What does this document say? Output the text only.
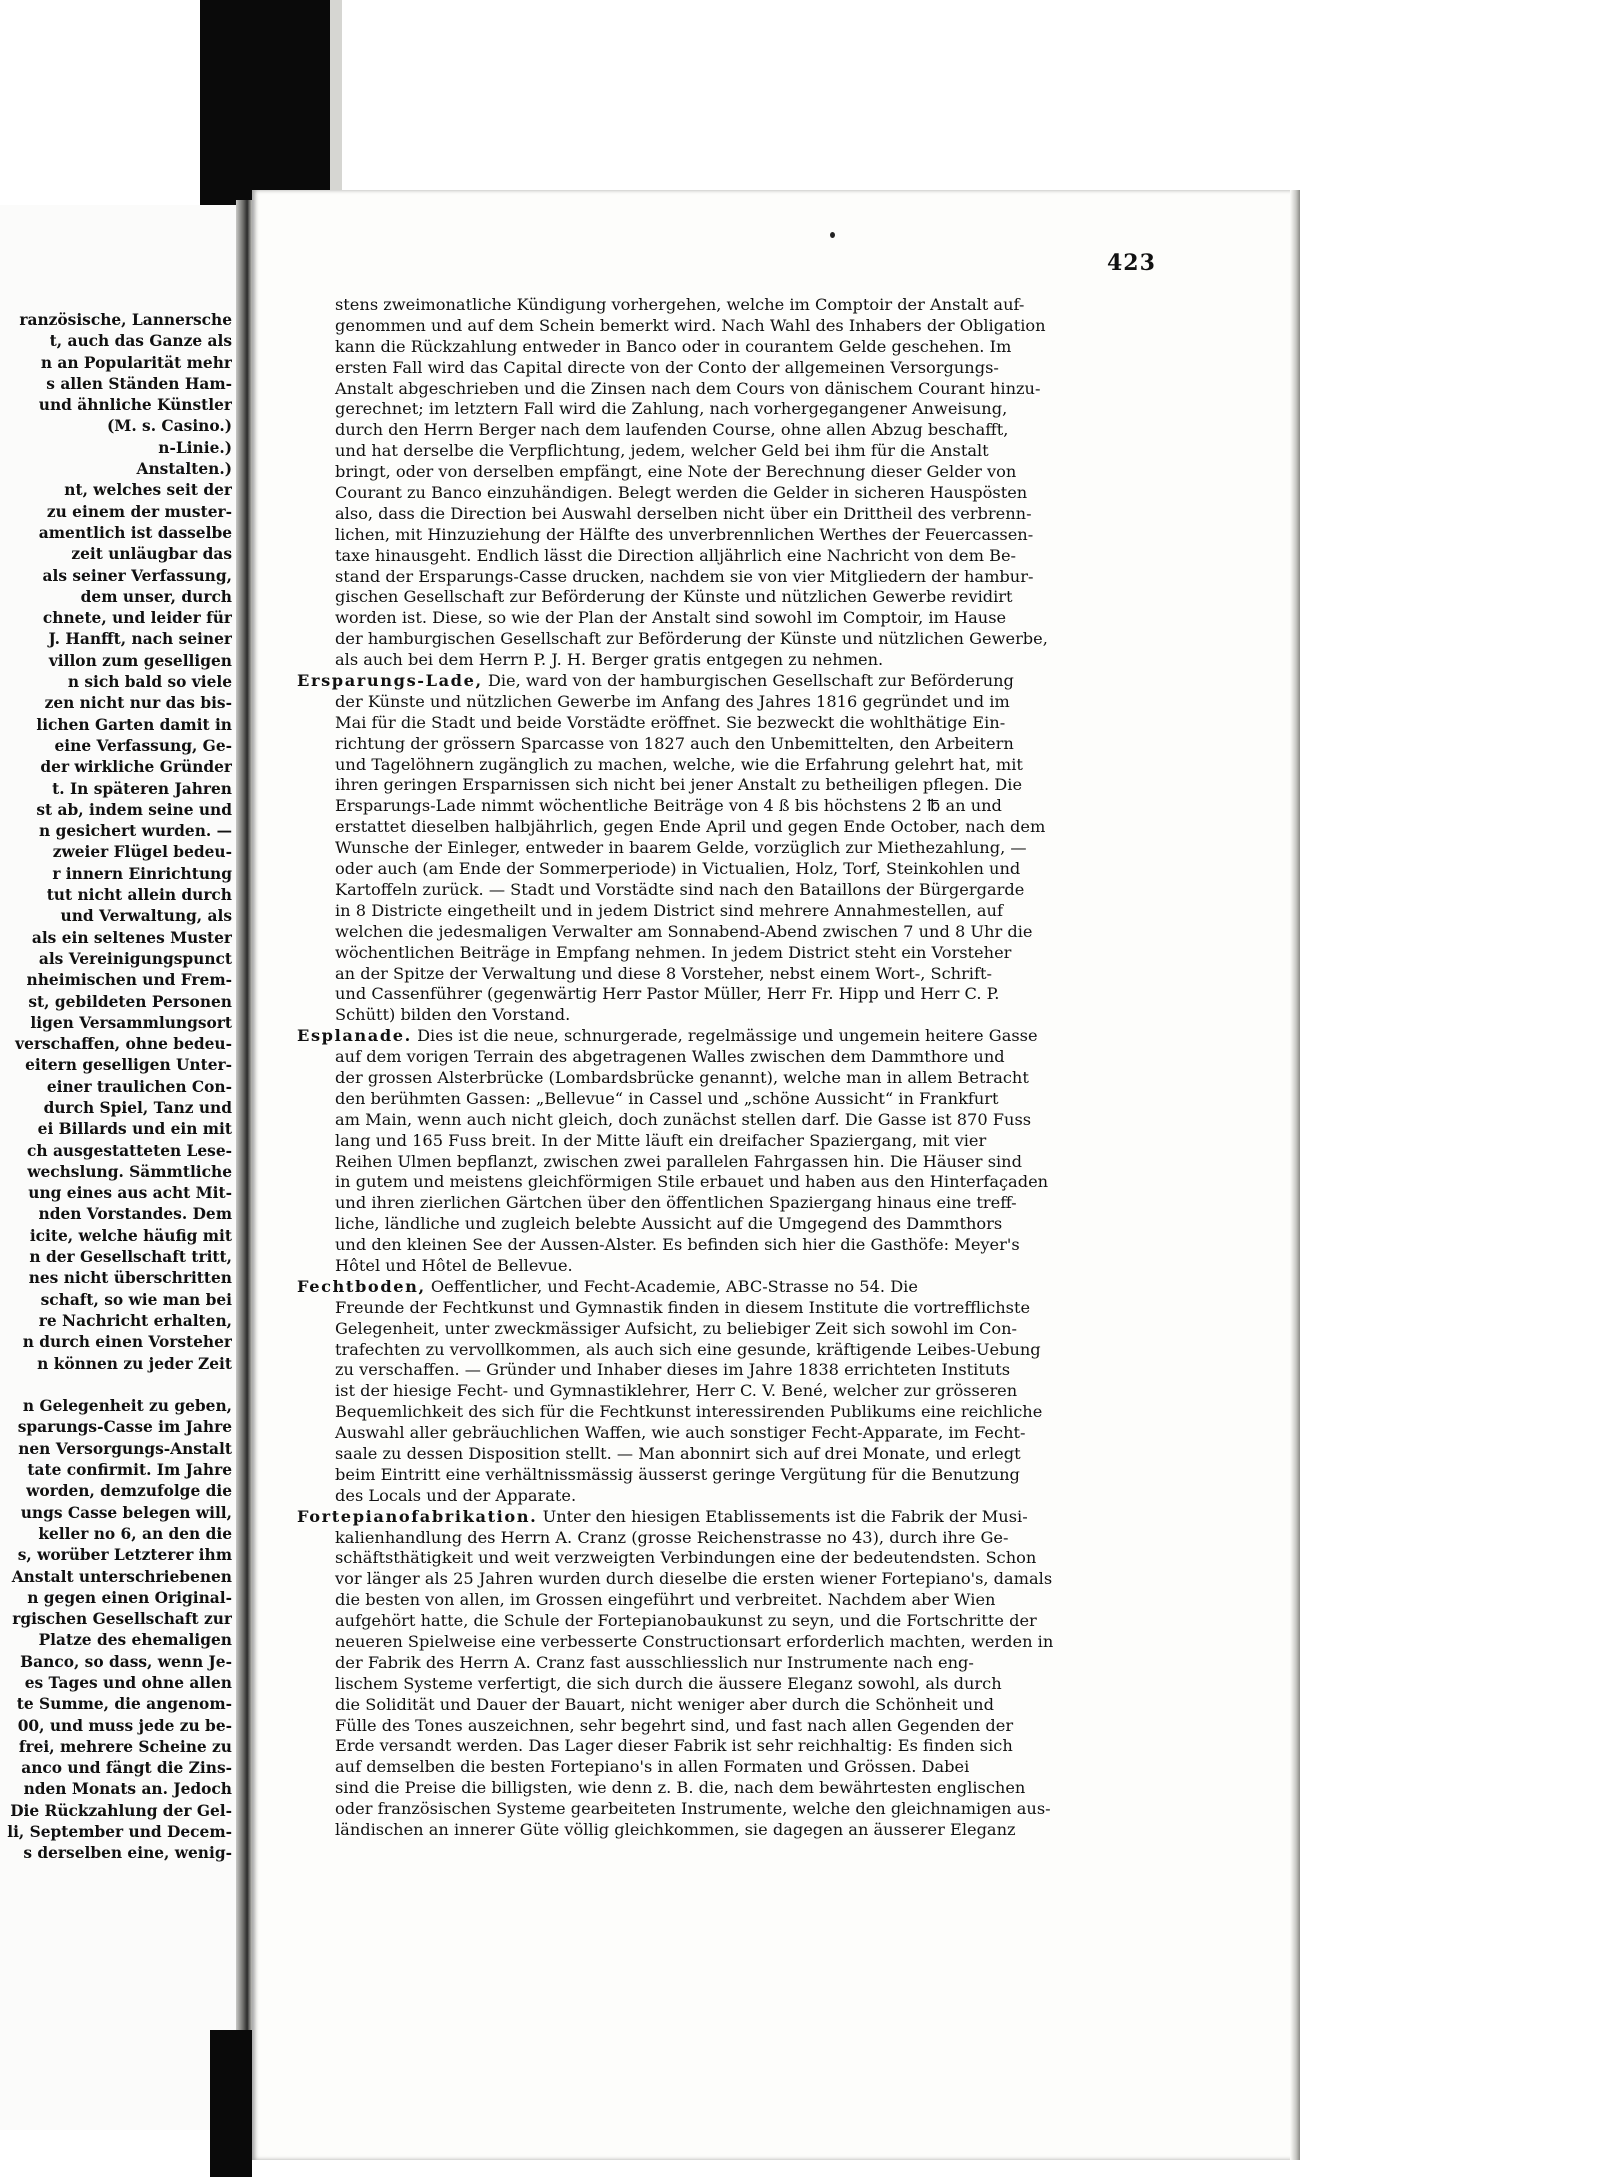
ranzösische, Lannersche
t, auch das Ganze als
n an Popularität mehr
s allen Ständen Ham-
und ähnliche Künstler
(M. s. Casino.)
n-Linie.)
Anstalten.)
nt, welches seit der
zu einem der muster-
amentlich ist dasselbe
zeit unläugbar das
als seiner Verfassung,
dem unser, durch
chnete, und leider für
J. Hanfft, nach seiner
villon zum geselligen
n sich bald so viele
zen nicht nur das bis-
lichen Garten damit in
eine Verfassung, Ge-
der wirkliche Gründer
t. In späteren Jahren
st ab, indem seine und
n gesichert wurden. —
zweier Flügel bedeu-
r innern Einrichtung
tut nicht allein durch
und Verwaltung, als
als ein seltenes Muster
als Vereinigungspunct
nheimischen und Frem-
st, gebildeten Personen
ligen Versammlungsort
verschaffen, ohne bedeu-
eitern geselligen Unter-
einer traulichen Con-
durch Spiel, Tanz und
ei Billards und ein mit
ch ausgestatteten Lese-
wechslung. Sämmtliche
ung eines aus acht Mit-
nden Vorstandes. Dem
icite, welche häufig mit
n der Gesellschaft tritt,
nes nicht überschritten
schaft, so wie man bei
re Nachricht erhalten,
n durch einen Vorsteher
n können zu jeder Zeit
n Gelegenheit zu geben,
sparungs-Casse im Jahre
nen Versorgungs-Anstalt
tate confirmit. Im Jahre
worden, demzufolge die
ungs Casse belegen will,
keller no 6, an den die
s, worüber Letzterer ihm
Anstalt unterschriebenen
n gegen einen Original-
rgischen Gesellschaft zur
Platze des ehemaligen
Banco, so dass, wenn Je-
es Tages und ohne allen
te Summe, die angenom-
00, und muss jede zu be-
frei, mehrere Scheine zu
anco und fängt die Zins-
nden Monats an. Jedoch
Die Rückzahlung der Gel-
li, September und Decem-
s derselben eine, wenig-
423
stens zweimonatliche Kündigung vorhergehen, welche im Comptoir der Anstalt auf-
genommen und auf dem Schein bemerkt wird. Nach Wahl des Inhabers der Obligation
kann die Rückzahlung entweder in Banco oder in courantem Gelde geschehen. Im
ersten Fall wird das Capital directe von der Conto der allgemeinen Versorgungs-
Anstalt abgeschrieben und die Zinsen nach dem Cours von dänischem Courant hinzu-
gerechnet; im letztern Fall wird die Zahlung, nach vorhergegangener Anweisung,
durch den Herrn Berger nach dem laufenden Course, ohne allen Abzug beschafft,
und hat derselbe die Verpflichtung, jedem, welcher Geld bei ihm für die Anstalt
bringt, oder von derselben empfängt, eine Note der Berechnung dieser Gelder von
Courant zu Banco einzuhändigen. Belegt werden die Gelder in sicheren Hauspösten
also, dass die Direction bei Auswahl derselben nicht über ein Drittheil des verbrenn-
lichen, mit Hinzuziehung der Hälfte des unverbrennlichen Werthes der Feuercassen-
taxe hinausgeht. Endlich lässt die Direction alljährlich eine Nachricht von dem Be-
stand der Ersparungs-Casse drucken, nachdem sie von vier Mitgliedern der hambur-
gischen Gesellschaft zur Beförderung der Künste und nützlichen Gewerbe revidirt
worden ist. Diese, so wie der Plan der Anstalt sind sowohl im Comptoir, im Hause
der hamburgischen Gesellschaft zur Beförderung der Künste und nützlichen Gewerbe,
als auch bei dem Herrn P. J. H. Berger gratis entgegen zu nehmen.
Ersparungs-Lade, Die, ward von der hamburgischen Gesellschaft zur Beförderung
der Künste und nützlichen Gewerbe im Anfang des Jahres 1816 gegründet und im
Mai für die Stadt und beide Vorstädte eröffnet. Sie bezweckt die wohlthätige Ein-
richtung der grössern Sparcasse von 1827 auch den Unbemittelten, den Arbeitern
und Tagelöhnern zugänglich zu machen, welche, wie die Erfahrung gelehrt hat, mit
ihren geringen Ersparnissen sich nicht bei jener Anstalt zu betheiligen pflegen. Die
Ersparungs-Lade nimmt wöchentliche Beiträge von 4 ß bis höchstens 2 ℔ an und
erstattet dieselben halbjährlich, gegen Ende April und gegen Ende October, nach dem
Wunsche der Einleger, entweder in baarem Gelde, vorzüglich zur Miethezahlung, —
oder auch (am Ende der Sommerperiode) in Victualien, Holz, Torf, Steinkohlen und
Kartoffeln zurück. — Stadt und Vorstädte sind nach den Bataillons der Bürgergarde
in 8 Districte eingetheilt und in jedem District sind mehrere Annahmestellen, auf
welchen die jedesmaligen Verwalter am Sonnabend-Abend zwischen 7 und 8 Uhr die
wöchentlichen Beiträge in Empfang nehmen. In jedem District steht ein Vorsteher
an der Spitze der Verwaltung und diese 8 Vorsteher, nebst einem Wort-, Schrift-
und Cassenführer (gegenwärtig Herr Pastor Müller, Herr Fr. Hipp und Herr C. P.
Schütt) bilden den Vorstand.
Esplanade. Dies ist die neue, schnurgerade, regelmässige und ungemein heitere Gasse
auf dem vorigen Terrain des abgetragenen Walles zwischen dem Dammthore und
der grossen Alsterbrücke (Lombardsbrücke genannt), welche man in allem Betracht
den berühmten Gassen: „Bellevue“ in Cassel und „schöne Aussicht“ in Frankfurt
am Main, wenn auch nicht gleich, doch zunächst stellen darf. Die Gasse ist 870 Fuss
lang und 165 Fuss breit. In der Mitte läuft ein dreifacher Spaziergang, mit vier
Reihen Ulmen bepflanzt, zwischen zwei parallelen Fahrgassen hin. Die Häuser sind
in gutem und meistens gleichförmigen Stile erbauet und haben aus den Hinterfaçaden
und ihren zierlichen Gärtchen über den öffentlichen Spaziergang hinaus eine treff-
liche, ländliche und zugleich belebte Aussicht auf die Umgegend des Dammthors
und den kleinen See der Aussen-Alster. Es befinden sich hier die Gasthöfe: Meyer's
Hôtel und Hôtel de Bellevue.
Fechtboden, Oeffentlicher, und Fecht-Academie, ABC-Strasse no 54. Die
Freunde der Fechtkunst und Gymnastik finden in diesem Institute die vortrefflichste
Gelegenheit, unter zweckmässiger Aufsicht, zu beliebiger Zeit sich sowohl im Con-
trafechten zu vervollkommen, als auch sich eine gesunde, kräftigende Leibes-Uebung
zu verschaffen. — Gründer und Inhaber dieses im Jahre 1838 errichteten Instituts
ist der hiesige Fecht- und Gymnastiklehrer, Herr C. V. Bené, welcher zur grösseren
Bequemlichkeit des sich für die Fechtkunst interessirenden Publikums eine reichliche
Auswahl aller gebräuchlichen Waffen, wie auch sonstiger Fecht-Apparate, im Fecht-
saale zu dessen Disposition stellt. — Man abonnirt sich auf drei Monate, und erlegt
beim Eintritt eine verhältnissmässig äusserst geringe Vergütung für die Benutzung
des Locals und der Apparate.
Fortepianofabrikation. Unter den hiesigen Etablissements ist die Fabrik der Musi-
kalienhandlung des Herrn A. Cranz (grosse Reichenstrasse no 43), durch ihre Ge-
schäftsthätigkeit und weit verzweigten Verbindungen eine der bedeutendsten. Schon
vor länger als 25 Jahren wurden durch dieselbe die ersten wiener Fortepiano's, damals
die besten von allen, im Grossen eingeführt und verbreitet. Nachdem aber Wien
aufgehört hatte, die Schule der Fortepianobaukunst zu seyn, und die Fortschritte der
neueren Spielweise eine verbesserte Constructionsart erforderlich machten, werden in
der Fabrik des Herrn A. Cranz fast ausschliesslich nur Instrumente nach eng-
lischem Systeme verfertigt, die sich durch die äussere Eleganz sowohl, als durch
die Solidität und Dauer der Bauart, nicht weniger aber durch die Schönheit und
Fülle des Tones auszeichnen, sehr begehrt sind, und fast nach allen Gegenden der
Erde versandt werden. Das Lager dieser Fabrik ist sehr reichhaltig: Es finden sich
auf demselben die besten Fortepiano's in allen Formaten und Grössen. Dabei
sind die Preise die billigsten, wie denn z. B. die, nach dem bewährtesten englischen
oder französischen Systeme gearbeiteten Instrumente, welche den gleichnamigen aus-
ländischen an innerer Güte völlig gleichkommen, sie dagegen an äusserer Eleganz
